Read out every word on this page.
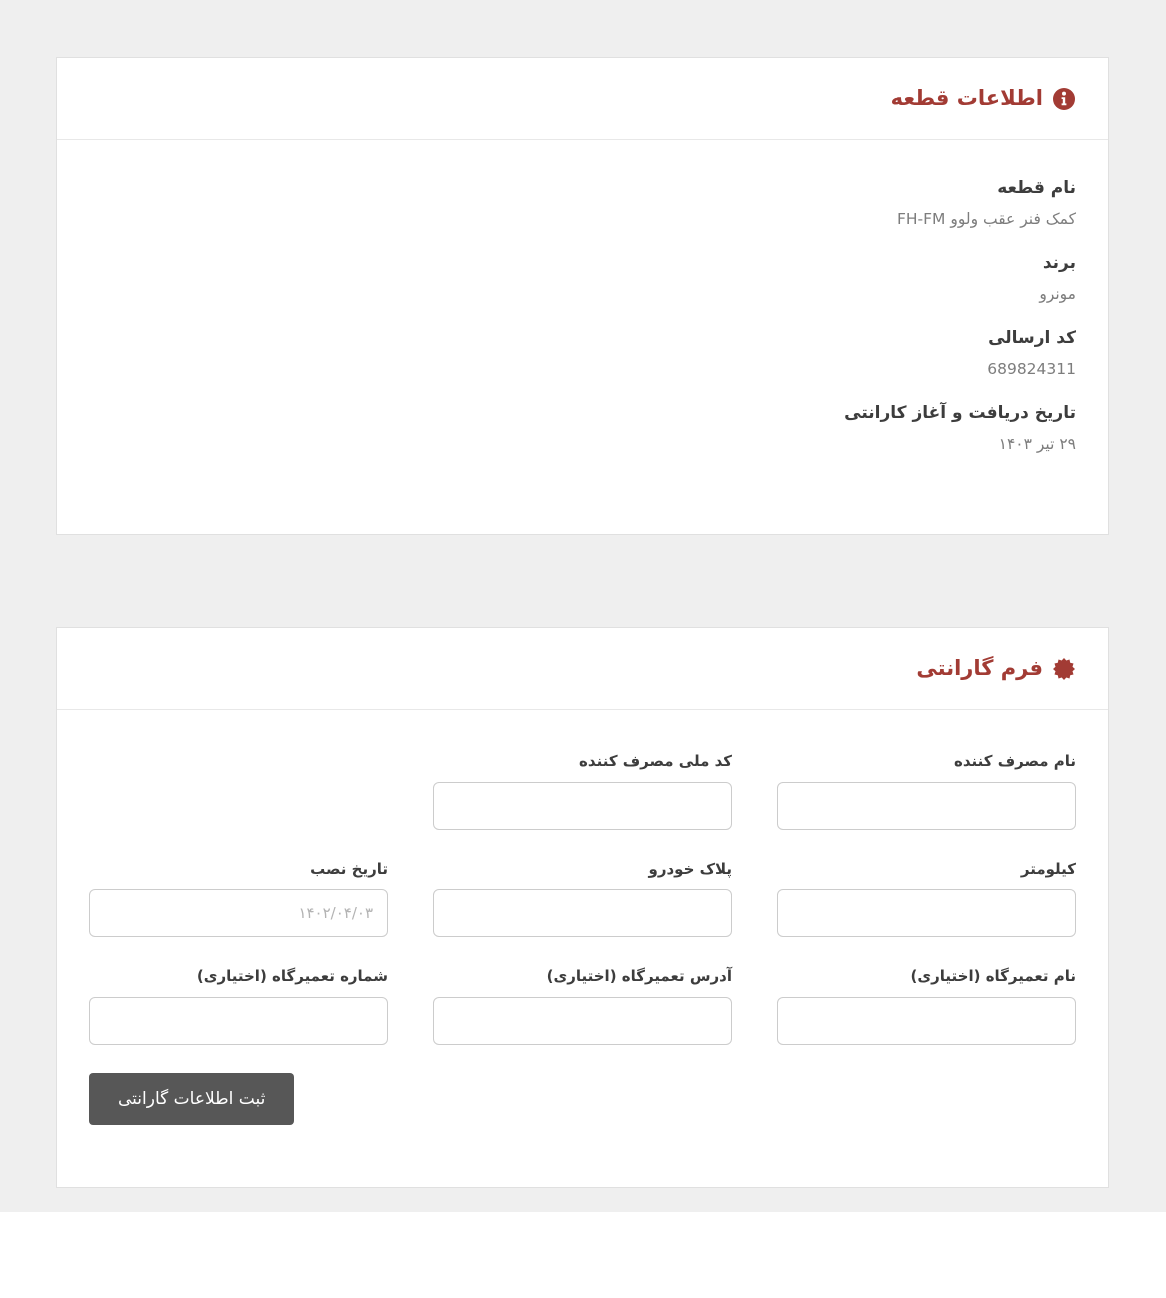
اطلاعات قطعه
نام قطعه
کمک فنر عقب ولوو FH-FM
برند
مونرو
کد ارسالی
689824311
تاریخ دریافت و آغاز کارانتی
۲۹ تیر ۱۴۰۳
فرم گارانتی
نام مصرف کننده
کد ملی مصرف کننده
کیلومتر
پلاک خودرو
تاریخ نصب
۱۴۰۲/۰۴/۰۳
نام تعمیرگاه (اختیاری)
آدرس تعمیرگاه (اختیاری)
شماره تعمیرگاه (اختیاری)
ثبت اطلاعات گارانتی
